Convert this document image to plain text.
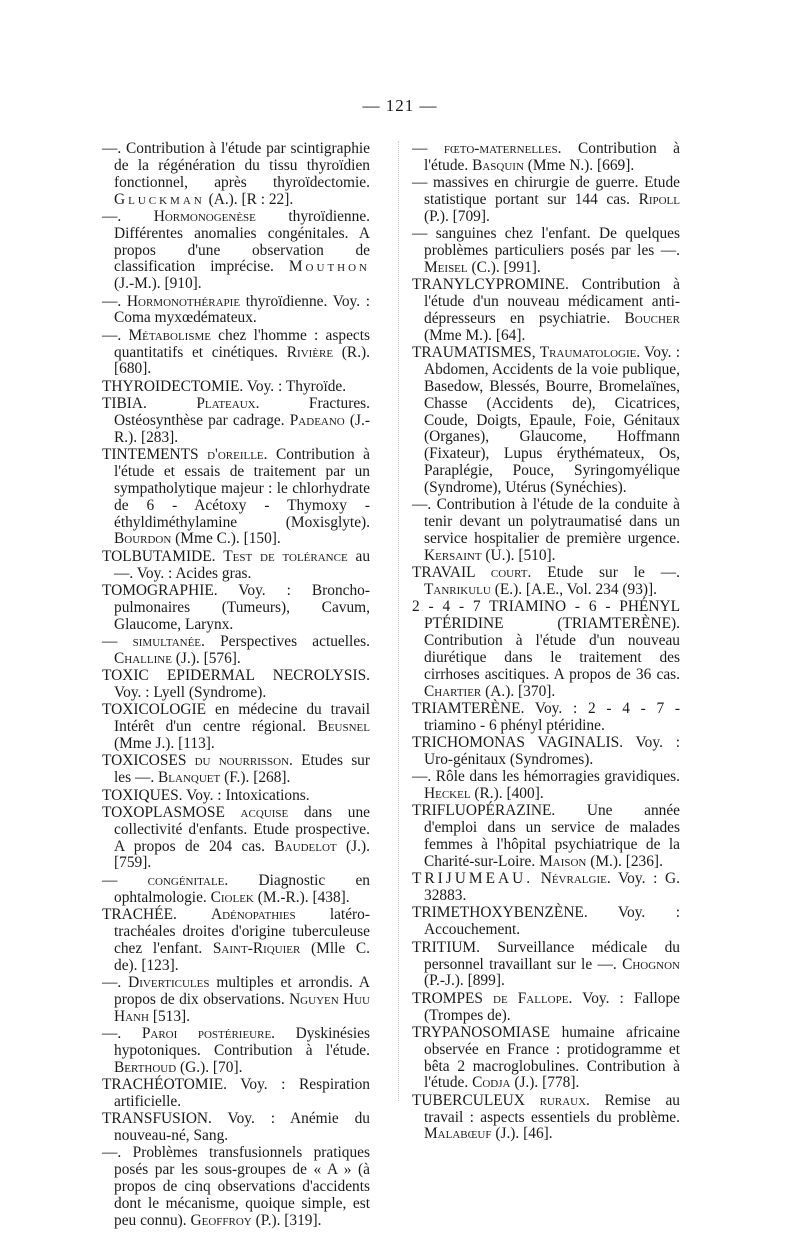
— 121 —

—. Contribution à l'étude par scintigraphie de la régénération du tissu thyroïdien fonctionnel, après thyroïdectomie. Gluckman (A.). [R : 22].

—. Hormonogenèse thyroïdienne. Différentes anomalies congénitales. A propos d'une observation de classification imprécise. Mouthon (J.-M.). [910].

—. Hormonothérapie thyroïdienne. Voy. : Coma myxœdémateux.

—. Métabolisme chez l'homme : aspects quantitatifs et cinétiques. Rivière (R.). [680].

THYROIDECTOMIE. Voy. : Thyroïde.

TIBIA. Plateaux. Fractures. Ostéosynthèse par cadrage. Padeano (J.-R.). [283].

TINTEMENTS d'oreille. Contribution à l'étude et essais de traitement par un sympatholytique majeur : le chlorhydrate de 6 - Acétoxy - Thymoxy - éthyldiméthylamine (Moxisglyte). Bourdon (Mme C.). [150].

TOLBUTAMIDE. Test de tolérance au —. Voy. : Acides gras.

TOMOGRAPHIE. Voy. : Broncho-pulmonaires (Tumeurs), Cavum, Glaucome, Larynx.

— simultanée. Perspectives actuelles. Challine (J.). [576].

TOXIC EPIDERMAL NECROLYSIS. Voy. : Lyell (Syndrome).

TOXICOLOGIE en médecine du travail Intérêt d'un centre régional. Beusnel (Mme J.). [113].

TOXICOSES du nourrisson. Etudes sur les —. Blanquet (F.). [268].

TOXIQUES. Voy. : Intoxications.

TOXOPLASMOSE acquise dans une collectivité d'enfants. Etude prospective. A propos de 204 cas. Baudelot (J.). [759].

— congénitale. Diagnostic en ophtalmologie. Ciolek (M.-R.). [438].

TRACHÉE. Adénopathies latéro-trachéales droites d'origine tuberculeuse chez l'enfant. Saint-Riquier (Mlle C. de). [123].

—. Diverticules multiples et arrondis. A propos de dix observations. Nguyen Huu Hanh [513].

—. Paroi postérieure. Dyskinésies hypotoniques. Contribution à l'étude. Berthoud (G.). [70].

TRACHÉOTOMIE. Voy. : Respiration artificielle.

TRANSFUSION. Voy. : Anémie du nouveau-né, Sang.

—. Problèmes transfusionnels pratiques posés par les sous-groupes de « A » (à propos de cinq observations d'accidents dont le mécanisme, quoique simple, est peu connu). Geoffroy (P.). [319].

— fœto-maternelles. Contribution à l'étude. Basquin (Mme N.). [669].

— massives en chirurgie de guerre. Etude statistique portant sur 144 cas. Ripoll (P.). [709].

— sanguines chez l'enfant. De quelques problèmes particuliers posés par les —. Meisel (C.). [991].

TRANYLCYPROMINE. Contribution à l'étude d'un nouveau médicament anti-dépresseurs en psychiatrie. Boucher (Mme M.). [64].

TRAUMATISMES, Traumatologie. Voy. : Abdomen, Accidents de la voie publique, Basedow, Blessés, Bourre, Bromelaïnes, Chasse (Accidents de), Cicatrices, Coude, Doigts, Epaule, Foie, Génitaux (Organes), Glaucome, Hoffmann (Fixateur), Lupus érythémateux, Os, Paraplégie, Pouce, Syringomyélique (Syndrome), Utérus (Synéchies).

—. Contribution à l'étude de la conduite à tenir devant un polytraumatisé dans un service hospitalier de première urgence. Kersaint (U.). [510].

TRAVAIL court. Etude sur le —. Tanrikulu (E.). [A.E., Vol. 234 (93)].

2 - 4 - 7 TRIAMINO - 6 - PHÉNYL PTÉRIDINE (TRIAMTERÈNE). Contribution à l'étude d'un nouveau diurétique dans le traitement des cirrhoses ascitiques. A propos de 36 cas. Chartier (A.). [370].

TRIAMTERÈNE. Voy. : 2 - 4 - 7 - triamino - 6 phényl ptéridine.

TRICHOMONAS VAGINALIS. Voy. : Uro-génitaux (Syndromes).

—. Rôle dans les hémorragies gravidiques. Heckel (R.). [400].

TRIFLUOPÉRAZINE. Une année d'emploi dans un service de malades femmes à l'hôpital psychiatrique de la Charité-sur-Loire. Maison (M.). [236].

TRIJUMEAU. Névralgie. Voy. : G. 32883.

TRIMETHOXYBENZÈNE. Voy. : Accouchement.

TRITIUM. Surveillance médicale du personnel travaillant sur le —. Chognon (P.-J.). [899].

TROMPES de Fallope. Voy. : Fallope (Trompes de).

TRYPANOSOMIASE humaine africaine observée en France : protidogramme et bêta 2 macroglobulines. Contribution à l'étude. Codja (J.). [778].

TUBERCULEUX ruraux. Remise au travail : aspects essentiels du problème. Malabœuf (J.). [46].
